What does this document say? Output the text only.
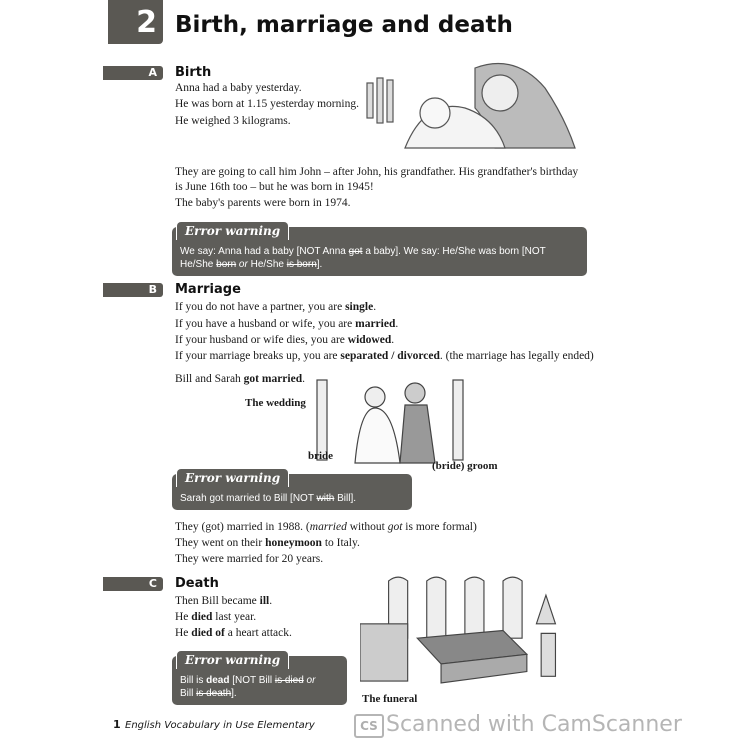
2 Birth, marriage and death
A	Birth
Anna had a baby yesterday.
He was born at 1.15 yesterday morning.
He weighed 3 kilograms.
They are going to call him John – after John, his grandfather. His grandfather's birthday
is June 16th too – but he was born in 1945!
The baby's parents were born in 1974.
Error warning
We say: Anna had a baby [NOT Anna got a baby]. We say: He/She was born [NOT He/She born or He/She is born].
B	Marriage
If you do not have a partner, you are single.
If you have a husband or wife, you are married.
If your husband or wife dies, you are widowed.
If your marriage breaks up, you are separated / divorced. (the marriage has legally ended)
Bill and Sarah got married.
The wedding
bride
(bride) groom
Error warning
Sarah got married to Bill [NOT with Bill].
They (got) married in 1988. (married without got is more formal)
They went on their honeymoon to Italy.
They were married for 20 years.
C	Death
Then Bill became ill.
He died last year.
He died of a heart attack.
Error warning
Bill is dead [NOT Bill is died or
Bill is death].	The funeral
1 English Vocabulary in Use Elementary	CS Scanned with CamScanner
